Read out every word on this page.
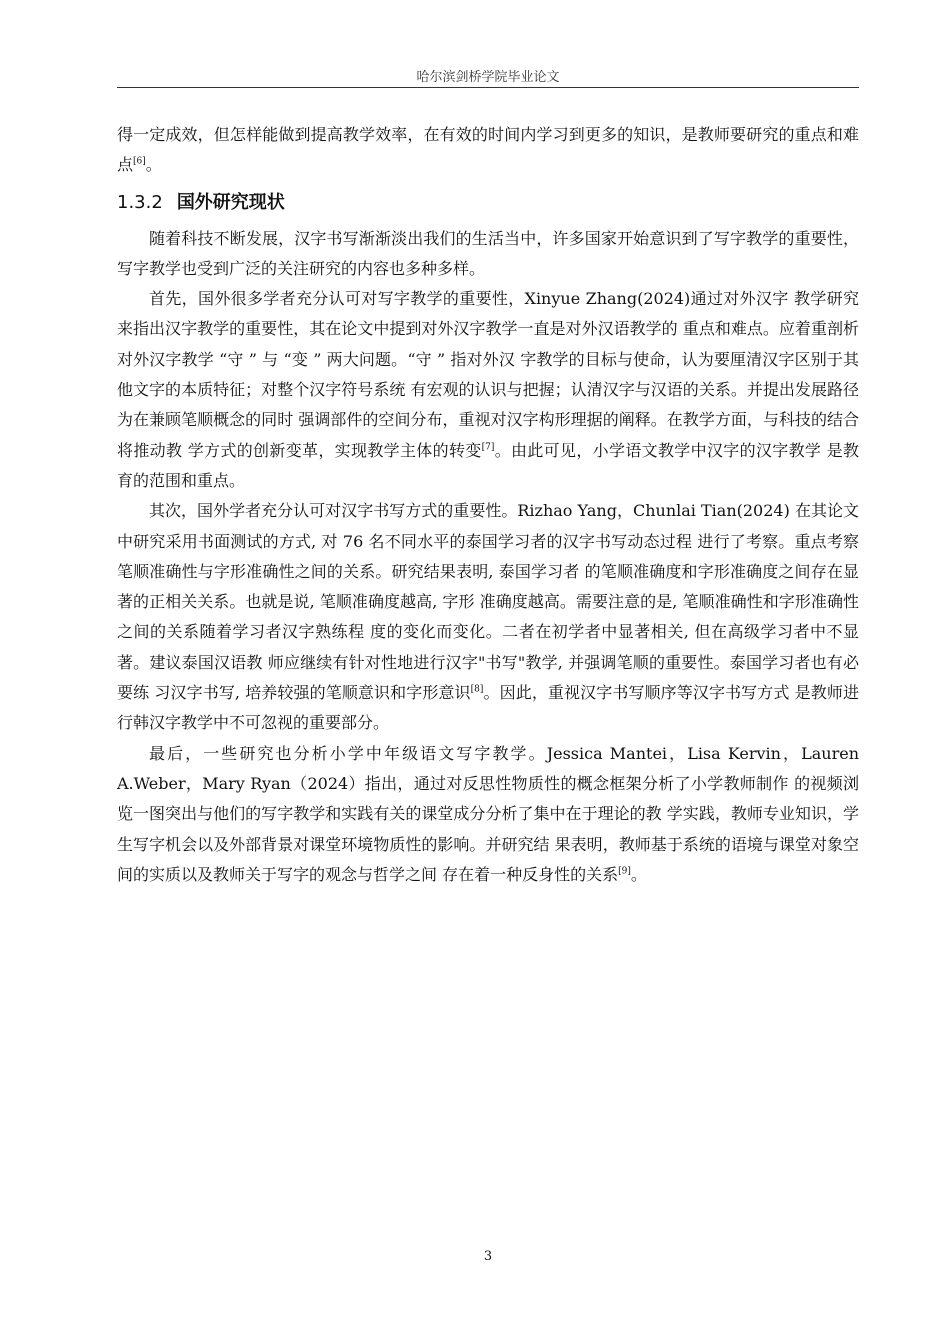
哈尔滨剑桥学院毕业论文

得一定成效，但怎样能做到提高教学效率，在有效的时间内学习到更多的知识，是教师要研究的重点和难点[6]。

1.3.2 国外研究现状

随着科技不断发展，汉字书写渐渐淡出我们的生活当中，许多国家开始意识到了写字教学的重要性，写字教学也受到广泛的关注研究的内容也多种多样。

首先，国外很多学者充分认可对写字教学的重要性，Xinyue Zhang(2024)通过对外汉字 教学研究来指出汉字教学的重要性，其在论文中提到对外汉字教学一直是对外汉语教学的 重点和难点。应着重剖析对外汉字教学 “守 ” 与 “变 ” 两大问题。“守 ” 指对外汉 字教学的目标与使命，认为要厘清汉字区别于其他文字的本质特征；对整个汉字符号系统 有宏观的认识与把握；认清汉字与汉语的关系。并提出发展路径为在兼顾笔顺概念的同时 强调部件的空间分布，重视对汉字构形理据的阐释。在教学方面，与科技的结合将推动教 学方式的创新变革，实现教学主体的转变[7]。由此可见，小学语文教学中汉字的汉字教学 是教育的范围和重点。

其次，国外学者充分认可对汉字书写方式的重要性。Rizhao Yang，Chunlai Tian(2024) 在其论文中研究采用书面测试的方式, 对 76 名不同水平的泰国学习者的汉字书写动态过程 进行了考察。重点考察笔顺准确性与字形准确性之间的关系。研究结果表明, 泰国学习者 的笔顺准确度和字形准确度之间存在显著的正相关关系。也就是说, 笔顺准确度越高, 字形 准确度越高。需要注意的是, 笔顺准确性和字形准确性之间的关系随着学习者汉字熟练程 度的变化而变化。二者在初学者中显著相关, 但在高级学习者中不显著。建议泰国汉语教 师应继续有针对性地进行汉字"书写"教学, 并强调笔顺的重要性。泰国学习者也有必要练 习汉字书写, 培养较强的笔顺意识和字形意识[8]。因此，重视汉字书写顺序等汉字书写方式 是教师进行韩汉字教学中不可忽视的重要部分。

最后，一些研究也分析小学中年级语文写字教学。Jessica Mantei，Lisa Kervin，Lauren A.Weber，Mary Ryan（2024）指出，通过对反思性物质性的概念框架分析了小学教师制作 的视频浏览一图突出与他们的写字教学和实践有关的课堂成分分析了集中在于理论的教 学实践，教师专业知识，学生写字机会以及外部背景对课堂环境物质性的影响。并研究结 果表明，教师基于系统的语境与课堂对象空间的实质以及教师关于写字的观念与哲学之间 存在着一种反身性的关系[9]。

3
